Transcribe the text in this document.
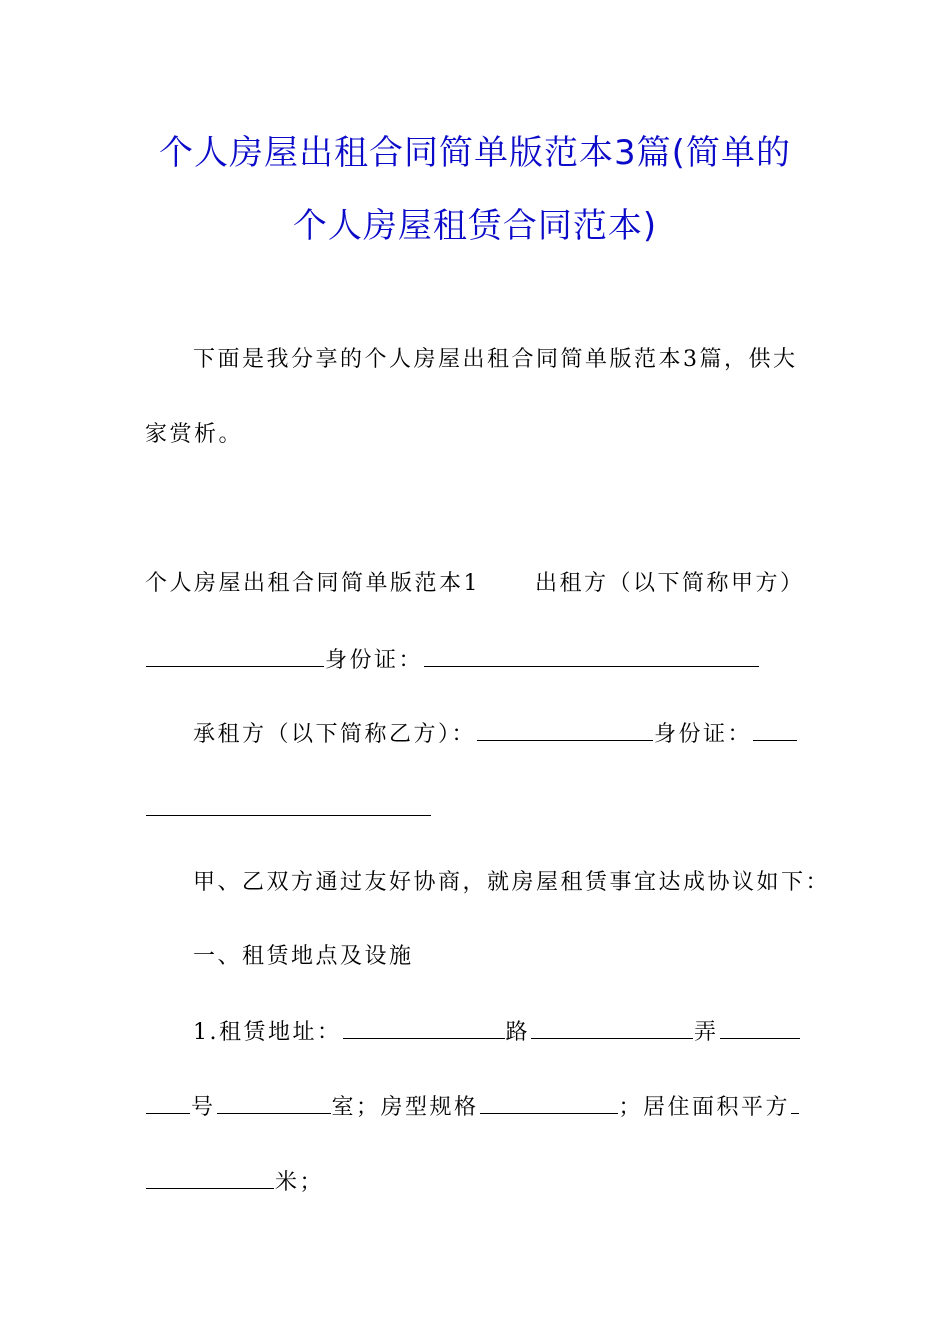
个人房屋出租合同简单版范本3篇(简单的
个人房屋租赁合同范本)
下面是我分享的个人房屋出租合同简单版范本3篇，供大
家赏析。
个人房屋出租合同简单版范本1	出租方（以下简称甲方）
身份证：
承租方（以下简称乙方）：	身份证：
甲、乙双方通过友好协商，就房屋租赁事宜达成协议如下：
一、租赁地点及设施
1.租赁地址：	路	弄
号	室；房型规格	；居住面积平方
米；
